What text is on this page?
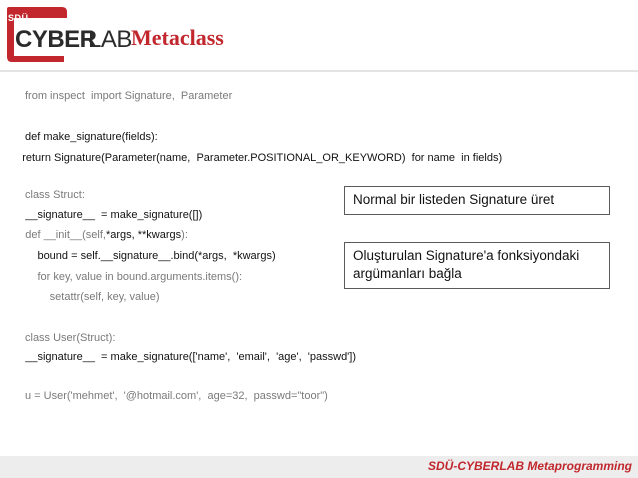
SDÜ
CYBER
LAB Metaclass

from inspect  import Signature,  Parameter

def make_signature(fields):

return Signature(Parameter(name,  Parameter.POSITIONAL_OR_KEYWORD)  for name  in fields)

class Struct:

__signature__  = make_signature([])

def __init__(self,*args, **kwargs):

bound = self.__signature__.bind(*args,  *kwargs)

for key, value in bound.arguments.items():

setattr(self, key, value)

class User(Struct):

__signature__  = make_signature(['name',  'email',  'age',  'passwd'])

u = User('mehmet',  '@hotmail.com',  age=32,  passwd="toor")

Normal bir listeden Signature üret
Oluşturulan Signature'a fonksiyondaki argümanları bağla
SDÜ-CYBERLAB Metaprogramming
